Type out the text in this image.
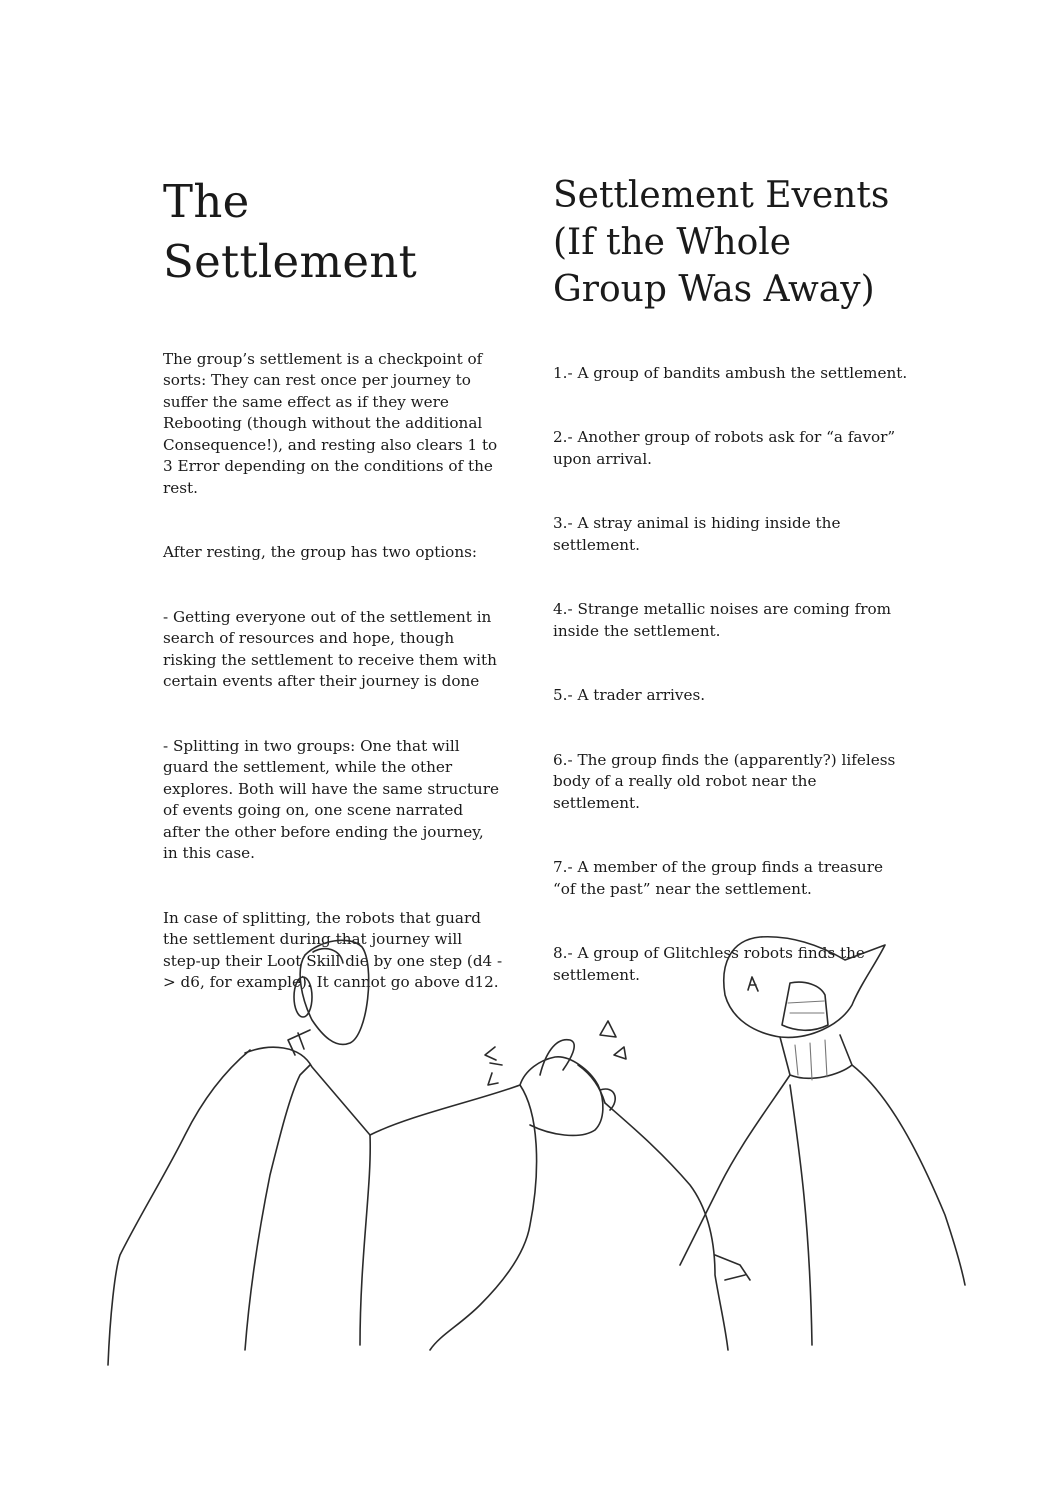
The Settlement

The group’s settlement is a checkpoint of sorts: They can rest once per journey to suffer the same effect as if they were Rebooting (though without the additional Consequence!), and resting also clears 1 to 3 Error depending on the conditions of the rest.

After resting, the group has two options:

- Getting everyone out of the settlement in search of resources and hope, though risking the settlement to receive them with certain events after their journey is done

- Splitting in two groups: One that will guard the settlement, while the other explores. Both will have the same structure of events going on, one scene narrated after the other before ending the journey, in this case.

In case of splitting, the robots that guard the settlement during that journey will step-up their Loot Skill die by one step (d4 -> d6, for example). It cannot go above d12.

Settlement Events (If the Whole Group Was Away)

1.- A group of bandits ambush the settlement.

2.- Another group of robots ask for “a favor” upon arrival.

3.- A stray animal is hiding inside the settlement.

4.- Strange metallic noises are coming from inside the settlement.

5.- A trader arrives.

6.- The group finds the (apparently?) lifeless body of a really old robot near the settlement.

7.- A member of the group finds a treasure “of the past” near the settlement.

8.- A group of Glitchless robots finds the settlement.
